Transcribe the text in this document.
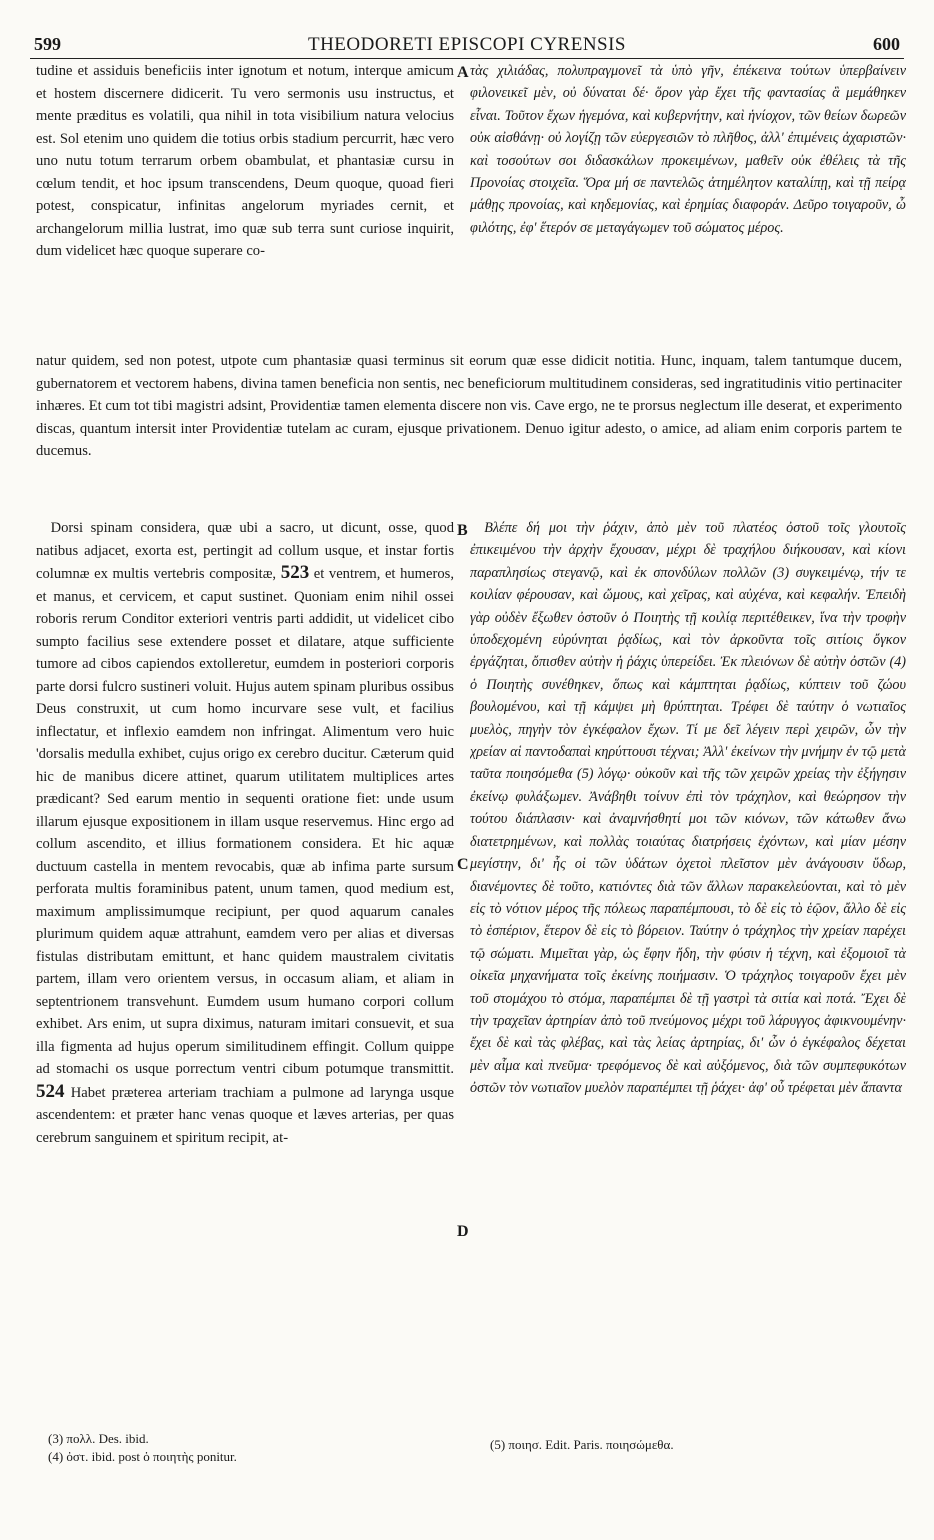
599	THEODORETI EPISCOPI CYRENSIS	600
A
B
C
D

tudine et assiduis beneficiis inter ignotum et notum, interque amicum et hostem discernere didicerit. Tu vero sermonis usu instructus, et mente præditus es volatili, qua nihil in tota visibilium natura velocius est. Sol etenim uno quidem die totius orbis stadium percurrit, hæc vero uno nutu totum terrarum orbem obambulat, et phantasiæ cursu in cœlum tendit, et hoc ipsum transcendens, Deum quoque, quoad fieri potest, conspicatur, infinitas angelorum myriades cernit, et archangelorum millia lustrat, imo quæ sub terra sunt curiose inquirit, dum videlicet hæc quoque superare co-

τὰς χιλιάδας, πολυπραγμονεῖ τὰ ὑπὸ γῆν, ἐπέκεινα τούτων ὑπερβαίνειν φιλονεικεῖ μὲν, οὐ δύναται δέ· ὅρον γὰρ ἔχει τῆς φαντασίας ἃ μεμάθηκεν εἶναι. Τοῦτον ἔχων ἡγεμόνα, καὶ κυβερνήτην, καὶ ἡνίοχον, τῶν θείων δωρεῶν οὐκ αἰσθάνῃ· οὐ λογίζῃ τῶν εὐεργεσιῶν τὸ πλῆθος, ἀλλ' ἐπιμένεις ἀχαριστῶν· καὶ τοσούτων σοι διδασκάλων προκειμένων, μαθεῖν οὐκ ἐθέλεις τὰ τῆς Προνοίας στοιχεῖα. Ὅρα μή σε παντελῶς ἀτημέλητον καταλίπῃ, καὶ τῇ πείρᾳ μάθῃς προνοίας, καὶ κηδεμονίας, καὶ ἐρημίας διαφοράν. Δεῦρο τοιγαροῦν, ὦ φιλότης, ἐφ' ἕτερόν σε μεταγάγωμεν τοῦ σώματος μέρος.

natur quidem, sed non potest, utpote cum phantasiæ quasi terminus sit eorum quæ esse didicit notitia. Hunc, inquam, talem tantumque ducem, gubernatorem et vectorem habens, divina tamen beneficia non sentis, nec beneficiorum multitudinem consideras, sed ingratitudinis vitio pertinaciter inhæres. Et cum tot tibi magistri adsint, Providentiæ tamen elementa discere non vis. Cave ergo, ne te prorsus neglectum ille deserat, et experimento discas, quantum intersit inter Providentiæ tutelam ac curam, ejusque privationem. Denuo igitur adesto, o amice, ad aliam enim corporis partem te ducemus.

 Dorsi spinam considera, quæ ubi a sacro, ut dicunt, osse, quod natibus adjacet, exorta est, pertingit ad collum usque, et instar fortis columnæ ex multis vertebris compositæ, 523 et ventrem, et humeros, et manus, et cervicem, et caput sustinet. Quoniam enim nihil ossei roboris rerum Conditor exteriori ventris parti addidit, ut videlicet cibo sumpto facilius sese extendere posset et dilatare, atque sufficiente tumore ad cibos capiendos extolleretur, eumdem in posteriori corporis parte dorsi fulcro sustineri voluit. Hujus autem spinam pluribus ossibus Deus construxit, ut cum homo incurvare sese vult, et facilius inflectatur, et inflexio eamdem non infringat. Alimentum vero huic 'dorsalis medulla exhibet, cujus origo ex cerebro ducitur. Cæterum quid hic de manibus dicere attinet, quarum utilitatem multiplices artes prædicant? Sed earum mentio in sequenti oratione fiet: unde usum illarum ejusque expositionem in illam usque reservemus. Hinc ergo ad collum ascendito, et illius formationem considera. Et hic aquæ ductuum castella in mentem revocabis, quæ ab infima parte sursum perforata multis foraminibus patent, unum tamen, quod medium est, maximum amplissimumque recipiunt, per quod aquarum canales plurimum quidem aquæ attrahunt, eamdem vero per alias et diversas fistulas distributam emittunt, et hanc quidem maustralem civitatis partem, illam vero orientem versus, in occasum aliam, et aliam in septentrionem transvehunt. Eumdem usum humano corpori collum exhibet. Ars enim, ut supra diximus, naturam imitari consuevit, et sua illa figmenta ad hujus operum similitudinem effingit. Collum quippe ad stomachi os usque porrectum ventri cibum potumque transmittit. 524 Habet præterea arteriam trachiam a pulmone ad larynga usque ascendentem: et præter hanc venas quoque et læves arterias, per quas cerebrum sanguinem et spiritum recipit, at-

 Βλέπε δή μοι τὴν ῥάχιν, ἀπὸ μὲν τοῦ πλατέος ὀστοῦ τοῖς γλουτοῖς ἐπικειμένου τὴν ἀρχὴν ἔχουσαν, μέχρι δὲ τραχήλου διήκουσαν, καὶ κίονι παραπλησίως στεγανῷ, καὶ ἐκ σπονδύλων πολλῶν (3) συγκειμένῳ, τήν τε κοιλίαν φέρουσαν, καὶ ὤμους, καὶ χεῖρας, καὶ αὐχένα, καὶ κεφαλήν. Ἐπειδὴ γὰρ οὐδὲν ἔξωθεν ὀστοῦν ὁ Ποιητὴς τῇ κοιλίᾳ περιτέθεικεν, ἵνα τὴν τροφὴν ὑποδεχομένη εὐρύνηται ῥᾳδίως, καὶ τὸν ἀρκοῦντα τοῖς σιτίοις ὄγκον ἐργάζηται, ὄπισθεν αὐτὴν ἡ ῥάχις ὑπερείδει. Ἐκ πλειόνων δὲ αὐτὴν ὀστῶν (4) ὁ Ποιητὴς συνέθηκεν, ὅπως καὶ κάμπτηται ῥᾳδίως, κύπτειν τοῦ ζώου βουλομένου, καὶ τῇ κάμψει μὴ θρύπτηται. Τρέφει δὲ ταύτην ὁ νωτιαῖος μυελὸς, πηγὴν τὸν ἐγκέφαλον ἔχων. Τί με δεῖ λέγειν περὶ χειρῶν, ὧν τὴν χρείαν αἱ παντοδαπαὶ κηρύττουσι τέχναι; Ἀλλ' ἐκείνων τὴν μνήμην ἐν τῷ μετὰ ταῦτα ποιησόμεθα (5) λόγῳ· οὐκοῦν καὶ τῆς τῶν χειρῶν χρείας τὴν ἐξήγησιν ἐκείνῳ φυλάξωμεν. Ἀνάβηθι τοίνυν ἐπὶ τὸν τράχηλον, καὶ θεώρησον τὴν τούτου διάπλασιν· καὶ ἀναμνήσθητί μοι τῶν κιόνων, τῶν κάτωθεν ἄνω διατετρημένων, καὶ πολλὰς τοιαύτας διατρήσεις ἐχόντων, καὶ μίαν μέσην μεγίστην, δι' ἧς οἱ τῶν ὑδάτων ὀχετοὶ πλεῖστον μὲν ἀνάγουσιν ὕδωρ, διανέμοντες δὲ τοῦτο, κατιόντες διὰ τῶν ἄλλων παρακελεύονται, καὶ τὸ μὲν εἰς τὸ νότιον μέρος τῆς πόλεως παραπέμπουσι, τὸ δὲ εἰς τὸ ἑῷον, ἄλλο δὲ εἰς τὸ ἑσπέριον, ἕτερον δὲ εἰς τὸ βόρειον. Ταύτην ὁ τράχηλος τὴν χρείαν παρέχει τῷ σώματι. Μιμεῖται γὰρ, ὡς ἔφην ἤδη, τὴν φύσιν ἡ τέχνη, καὶ ἐξομοιοῖ τὰ οἰκεῖα μηχανήματα τοῖς ἐκείνης ποιήμασιν. Ὁ τράχηλος τοιγαροῦν ἔχει μὲν τοῦ στομάχου τὸ στόμα, παραπέμπει δὲ τῇ γαστρὶ τὰ σιτία καὶ ποτά. Ἔχει δὲ τὴν τραχεῖαν ἀρτηρίαν ἀπὸ τοῦ πνεύμονος μέχρι τοῦ λάρυγγος ἀφικνουμένην· ἔχει δὲ καὶ τὰς φλέβας, καὶ τὰς λείας ἀρτηρίας, δι' ὧν ὁ ἐγκέφαλος δέχεται μὲν αἷμα καὶ πνεῦμα· τρεφόμενος δὲ καὶ αὐξόμενος, διὰ τῶν συμπεφυκότων ὀστῶν τὸν νωτιαῖον μυελὸν παραπέμπει τῇ ῥάχει· ἀφ' οὗ τρέφεται μὲν ἅπαντα

(3) πολλ. Des. ibid.
(4) ὀστ. ibid. post ὁ ποιητὴς ponitur.
(5) ποιησ. Edit. Paris. ποιησώμεθα.
